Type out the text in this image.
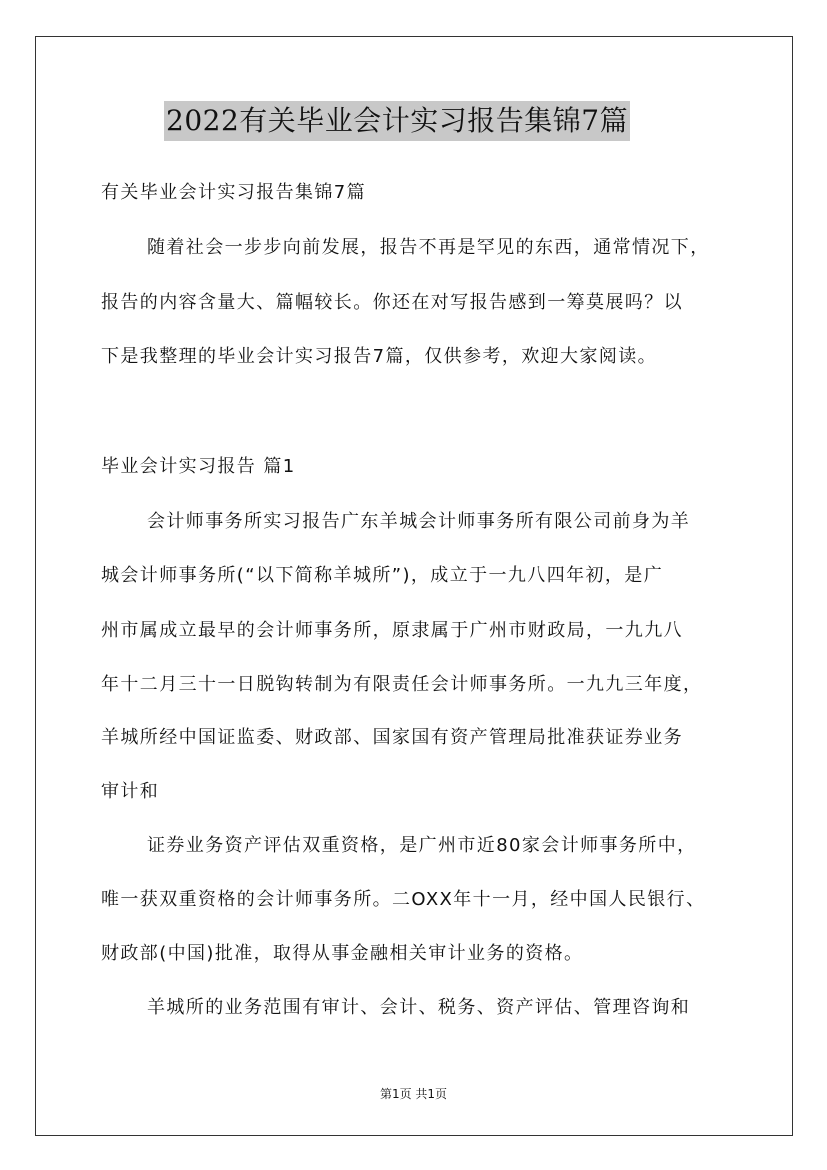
2022有关毕业会计实习报告集锦7篇
有关毕业会计实习报告集锦7篇
随着社会一步步向前发展，报告不再是罕见的东西，通常情况下，
报告的内容含量大、篇幅较长。你还在对写报告感到一筹莫展吗？以
下是我整理的毕业会计实习报告7篇，仅供参考，欢迎大家阅读。
毕业会计实习报告 篇1
会计师事务所实习报告广东羊城会计师事务所有限公司前身为羊
城会计师事务所(“以下简称羊城所”)，成立于一九八四年初，是广
州市属成立最早的会计师事务所，原隶属于广州市财政局，一九九八
年十二月三十一日脱钩转制为有限责任会计师事务所。一九九三年度，
羊城所经中国证监委、财政部、国家国有资产管理局批准获证券业务
审计和
证券业务资产评估双重资格，是广州市近80家会计师事务所中，
唯一获双重资格的会计师事务所。二OXX年十一月，经中国人民银行、
财政部(中国)批准，取得从事金融相关审计业务的资格。
羊城所的业务范围有审计、会计、税务、资产评估、管理咨询和
第1页 共1页
